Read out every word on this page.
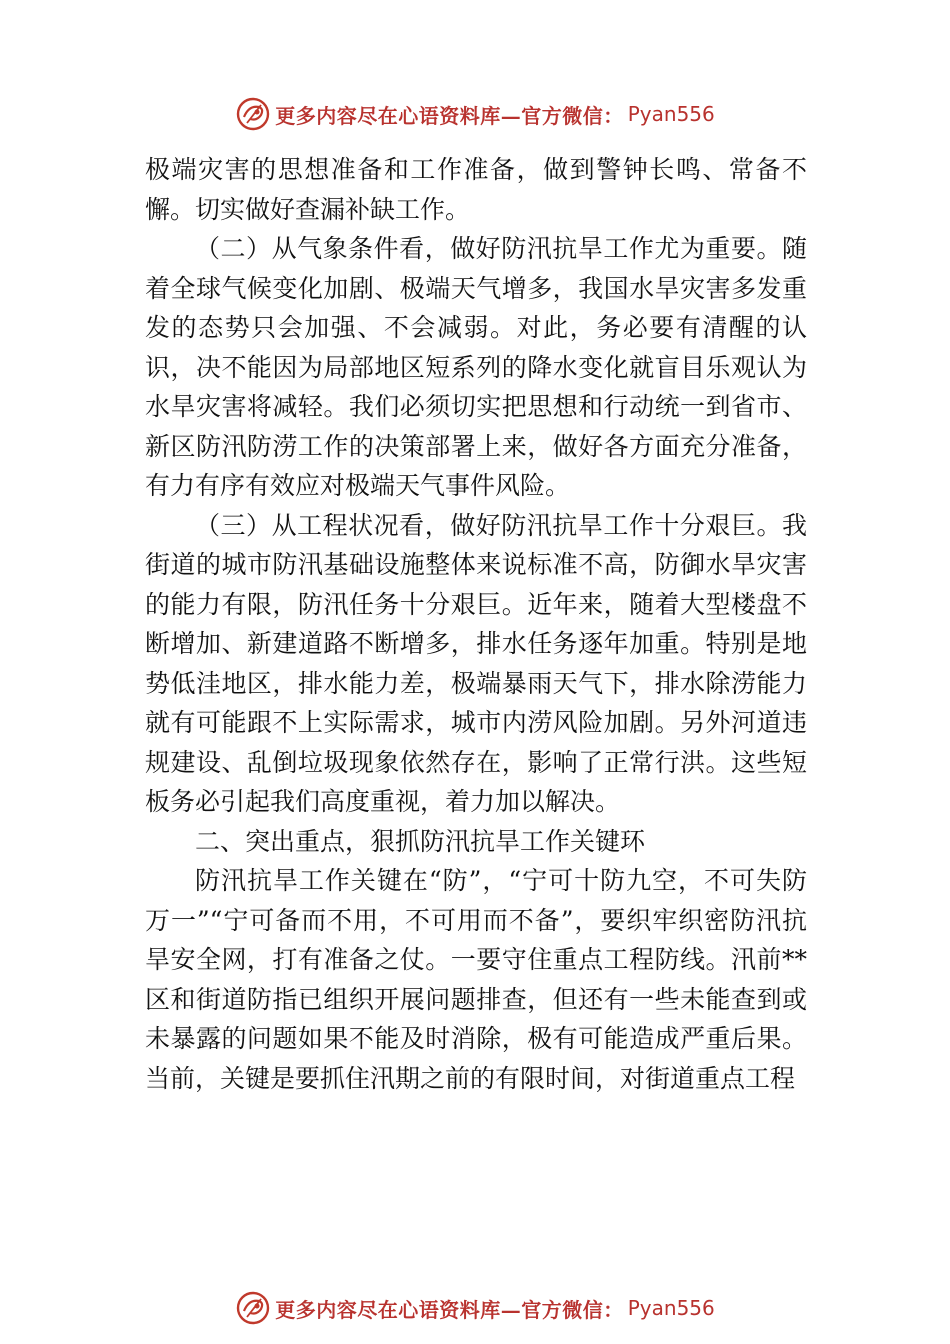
更多内容尽在心语资料库—官方微信： Pyan556

极端灾害的思想准备和工作准备，做到警钟长鸣、常备不懈。切实做好查漏补缺工作。

（二）从气象条件看，做好防汛抗旱工作尤为重要。随着全球气候变化加剧、极端天气增多，我国水旱灾害多发重发的态势只会加强、不会减弱。对此，务必要有清醒的认识，决不能因为局部地区短系列的降水变化就盲目乐观认为水旱灾害将减轻。我们必须切实把思想和行动统一到省市、新区防汛防涝工作的决策部署上来，做好各方面充分准备，有力有序有效应对极端天气事件风险。

（三）从工程状况看，做好防汛抗旱工作十分艰巨。我街道的城市防汛基础设施整体来说标准不高，防御水旱灾害的能力有限，防汛任务十分艰巨。近年来，随着大型楼盘不断增加、新建道路不断增多，排水任务逐年加重。特别是地势低洼地区，排水能力差，极端暴雨天气下，排水除涝能力就有可能跟不上实际需求，城市内涝风险加剧。另外河道违规建设、乱倒垃圾现象依然存在，影响了正常行洪。这些短板务必引起我们高度重视，着力加以解决。

二、突出重点，狠抓防汛抗旱工作关键环

防汛抗旱工作关键在“防”，“宁可十防九空，不可失防万一”“宁可备而不用，不可用而不备”，要织牢织密防汛抗旱安全网，打有准备之仗。一要守住重点工程防线。汛前** 区和街道防指已组织开展问题排查，但还有一些未能查到或未暴露的问题如果不能及时消除，极有可能造成严重后果。 当前，关键是要抓住汛期之前的有限时间，对街道重点工程

更多内容尽在心语资料库—官方微信： Pyan556
